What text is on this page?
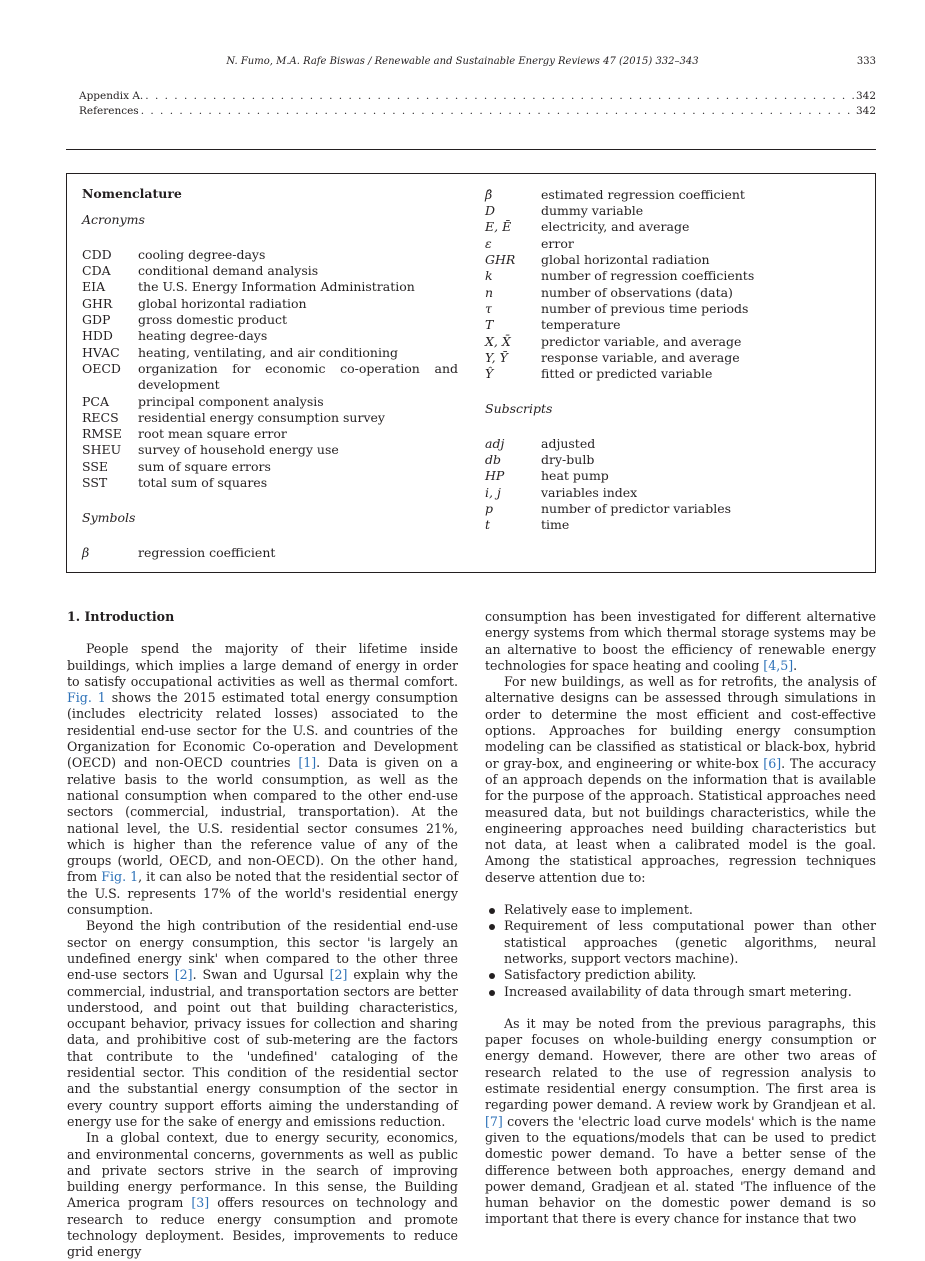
N. Fumo, M.A. Rafe Biswas / Renewable and Sustainable Energy Reviews 47 (2015) 332–343	333
Appendix A. . . .	342
References . . .	342
Nomenclature
Acronyms
CDD cooling degree-days
CDA conditional demand analysis
EIA	the U.S. Energy Information Administration
GHR global horizontal radiation
GDP gross domestic product
HDD heating degree-days
HVAC heating, ventilating, and air conditioning
OECD organization for economic co-operation and
development
PCA principal component analysis
RECS residential energy consumption survey
RMSE root mean square error
SHEU survey of household energy use
SSE sum of square errors
SST total sum of squares
Symbols
β	regression coefficient
β̂	estimated regression coefficient
D	dummy variable
E, Ē electricity, and average
ε	error
GHR global horizontal radiation
k	number of regression coefficients
n	number of observations (data)
τ	number of previous time periods
T	temperature
X, X̄ predictor variable, and average
Y, Ȳ	response variable, and average
Ŷ	fitted or predicted variable
Subscripts
adj	adjusted
db	dry-bulb
HP	heat pump
i, j	variables index
p	number of predictor variables
t	time
1. Introduction

People spend the majority of their lifetime inside buildings, which implies a large demand of energy in order to satisfy occupational activities as well as thermal comfort. Fig. 1 shows the 2015 estimated total energy consumption (includes electricity related losses) associated to the residential end-use sector for the U.S. and countries of the Organization for Economic Co-operation and Development (OECD) and non-OECD countries [1]. Data is given on a relative basis to the world consumption, as well as the national consumption when compared to the other end-use sectors (commercial, industrial, transportation). At the national level, the U.S. residential sector consumes 21%, which is higher than the reference value of any of the groups (world, OECD, and non-OECD). On the other hand, from Fig. 1, it can also be noted that the residential sector of the U.S. represents 17% of the world's residential energy consumption.

Beyond the high contribution of the residential end-use sector on energy consumption, this sector 'is largely an undefined energy sink' when compared to the other three end-use sectors [2]. Swan and Ugursal [2] explain why the commercial, industrial, and transportation sectors are better understood, and point out that building characteristics, occupant behavior, privacy issues for collection and sharing data, and prohibitive cost of sub-metering are the factors that contribute to the 'undefined' cataloging of the residential sector. This condition of the residential sector and the substantial energy consumption of the sector in every country support efforts aiming the understanding of energy use for the sake of energy and emissions reduction.

In a global context, due to energy security, economics, and environmental concerns, governments as well as public and private sectors strive in the search of improving building energy performance. In this sense, the Building America program [3] offers resources on technology and research to reduce energy consumption and promote technology deployment. Besides, improvements to reduce grid energy

consumption has been investigated for different alternative energy systems from which thermal storage systems may be an alternative to boost the efficiency of renewable energy technologies for space heating and cooling [4,5].

For new buildings, as well as for retrofits, the analysis of alternative designs can be assessed through simulations in order to determine the most efficient and cost-effective options. Approaches for building energy consumption modeling can be classified as statistical or black-box, hybrid or gray-box, and engineering or white-box [6]. The accuracy of an approach depends on the information that is available for the purpose of the approach. Statistical approaches need measured data, but not buildings characteristics, while the engineering approaches need building characteristics but not data, at least when a calibrated model is the goal. Among the statistical approaches, regression techniques deserve attention due to:

Relatively ease to implement.
Requirement of less computational power than other statistical approaches (genetic algorithms, neural networks, support vectors machine).
Satisfactory prediction ability.
Increased availability of data through smart metering.

As it may be noted from the previous paragraphs, this paper focuses on whole-building energy consumption or energy demand. However, there are other two areas of research related to the use of regression analysis to estimate residential energy consumption. The first area is regarding power demand. A review work by Grandjean et al. [7] covers the 'electric load curve models' which is the name given to the equations/models that can be used to predict domestic power demand. To have a better sense of the difference between both approaches, energy demand and power demand, Gradjean et al. stated 'The influence of the human behavior on the domestic power demand is so important that there is every chance for instance that two
